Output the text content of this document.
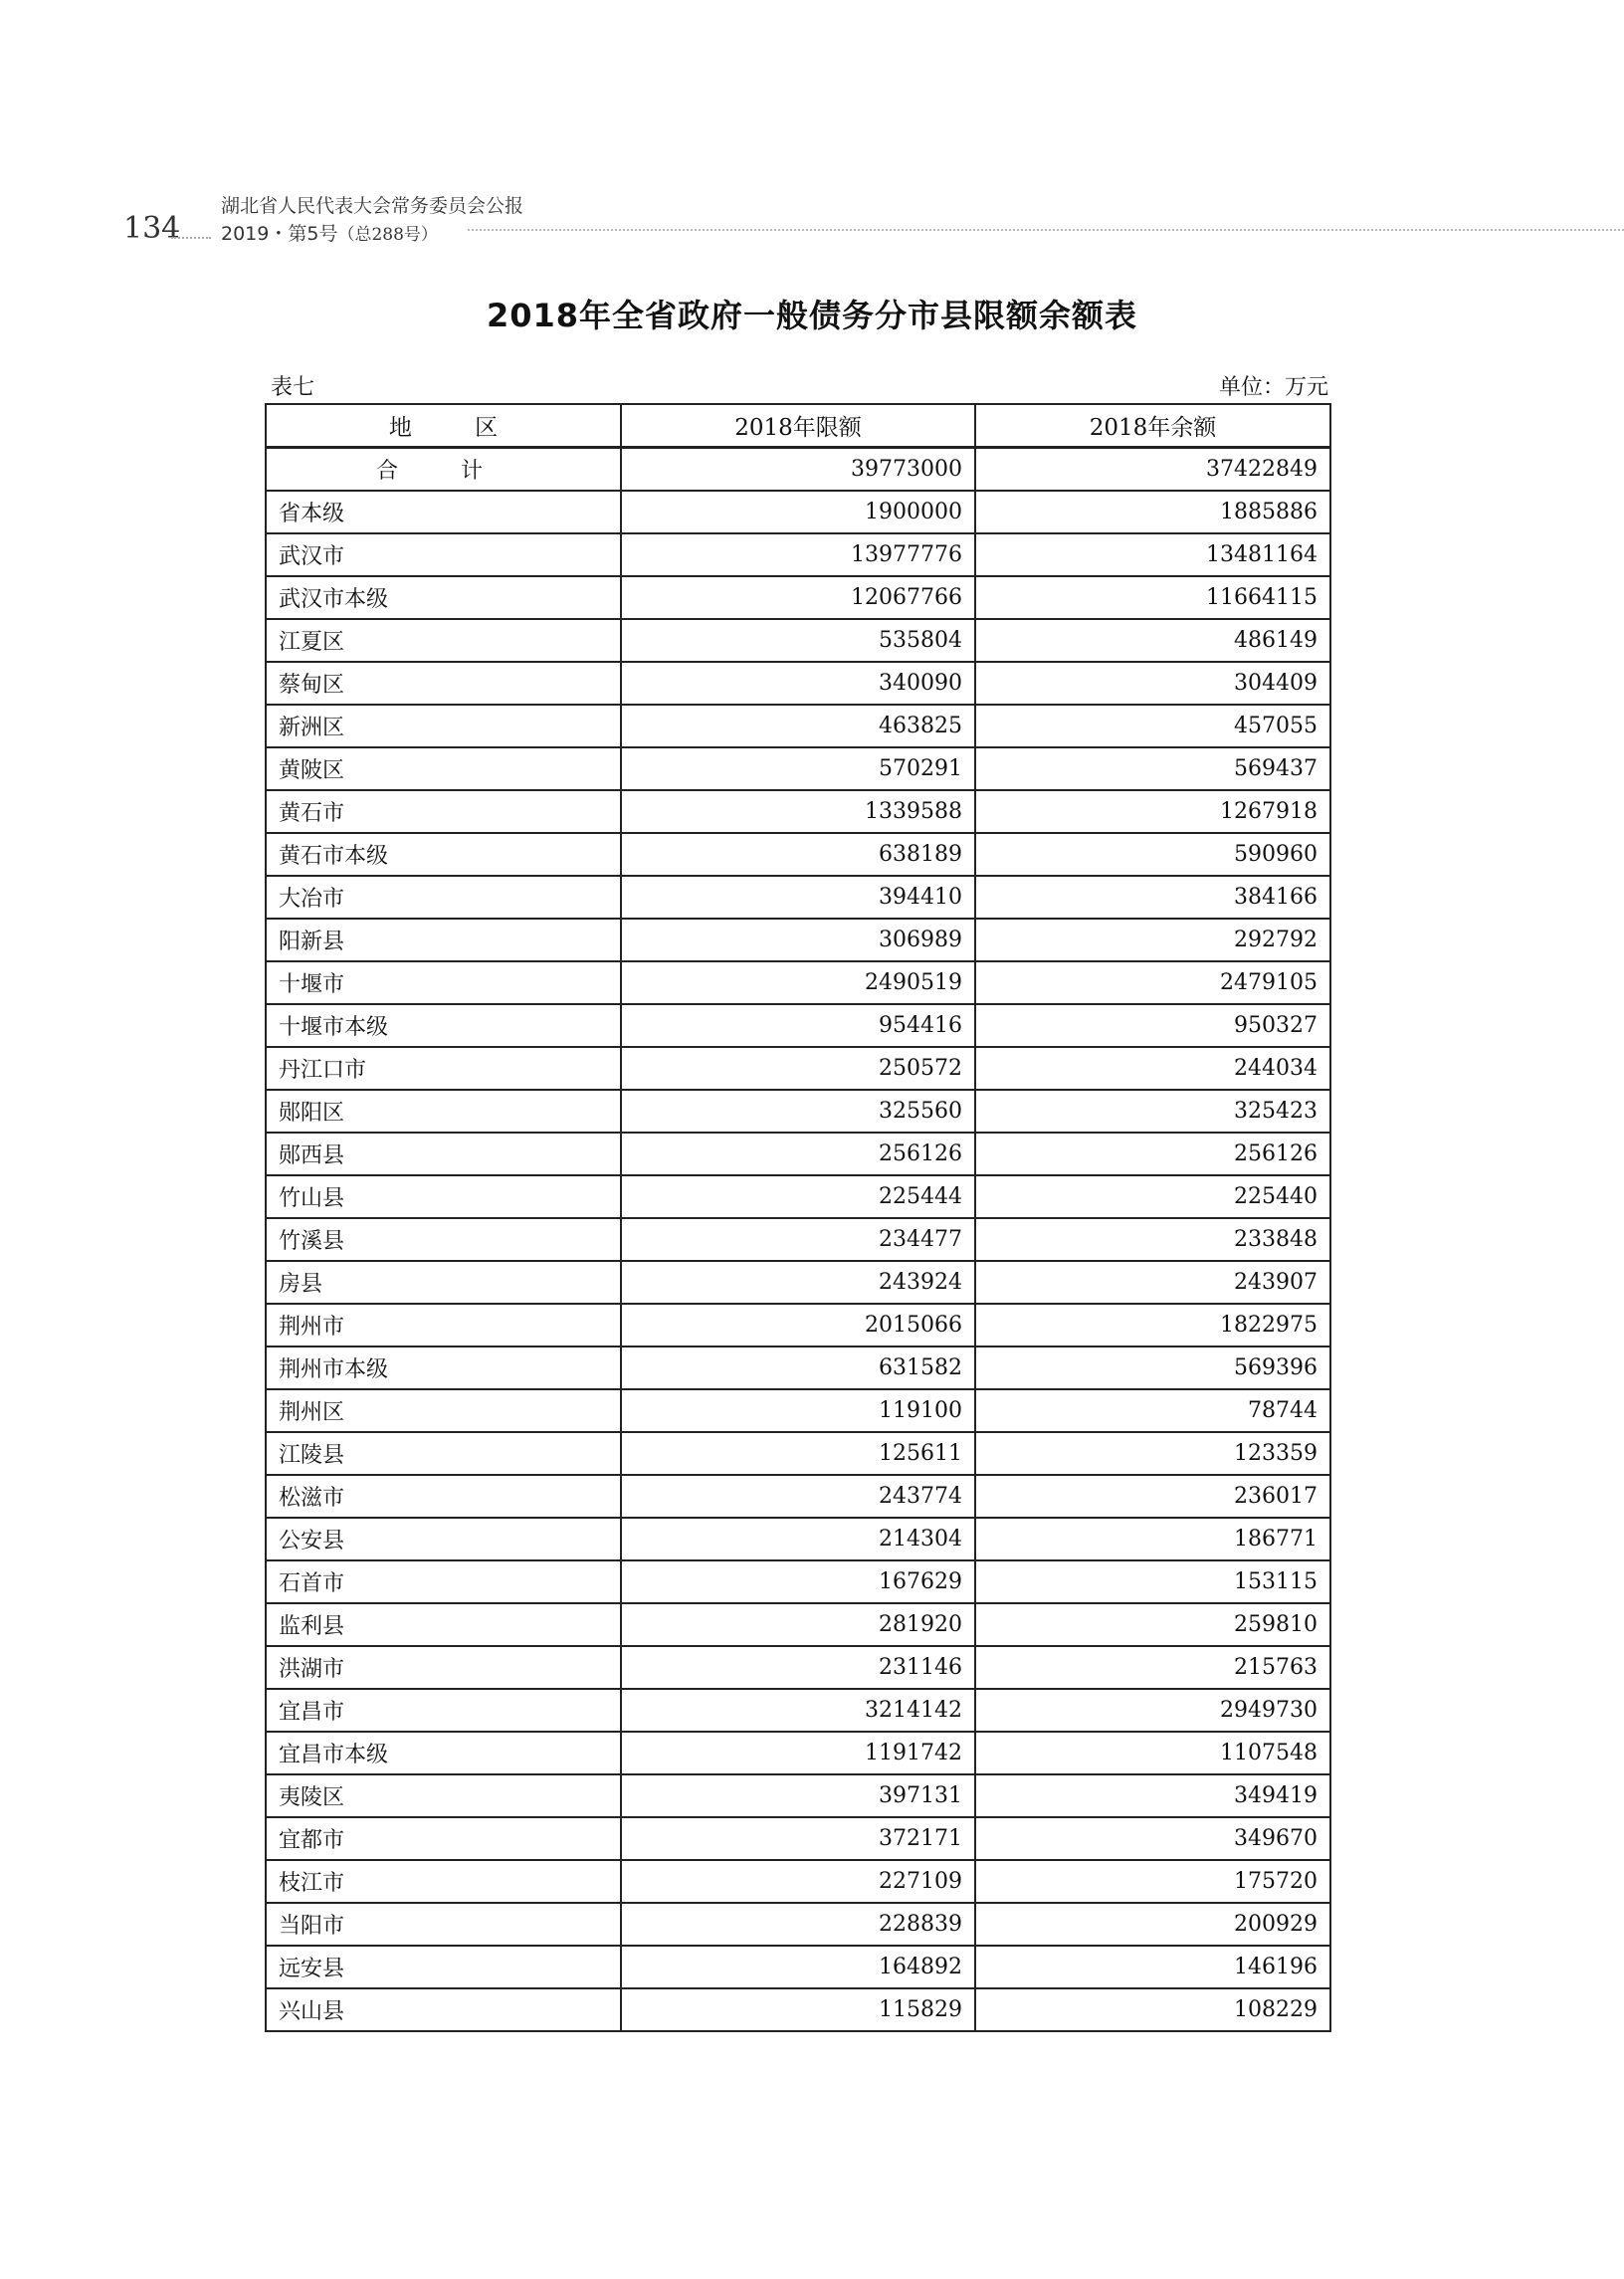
134
湖北省人民代表大会常务委员会公报
2019・第5号（总288号）
2018年全省政府一般债务分市县限额余额表
表七	单位：万元
地 区	2018年限额	2018年余额
合 计	39773000	37422849
省本级	1900000	1885886
武汉市	13977776	13481164
武汉市本级	12067766	11664115
江夏区	535804	486149
蔡甸区	340090	304409
新洲区	463825	457055
黄陂区	570291	569437
黄石市	1339588	1267918
黄石市本级	638189	590960
大冶市	394410	384166
阳新县	306989	292792
十堰市	2490519	2479105
十堰市本级	954416	950327
丹江口市	250572	244034
郧阳区	325560	325423
郧西县	256126	256126
竹山县	225444	225440
竹溪县	234477	233848
房县	243924	243907
荆州市	2015066	1822975
荆州市本级	631582	569396
荆州区	119100	78744
江陵县	125611	123359
松滋市	243774	236017
公安县	214304	186771
石首市	167629	153115
监利县	281920	259810
洪湖市	231146	215763
宜昌市	3214142	2949730
宜昌市本级	1191742	1107548
夷陵区	397131	349419
宜都市	372171	349670
枝江市	227109	175720
当阳市	228839	200929
远安县	164892	146196
兴山县	115829	108229
